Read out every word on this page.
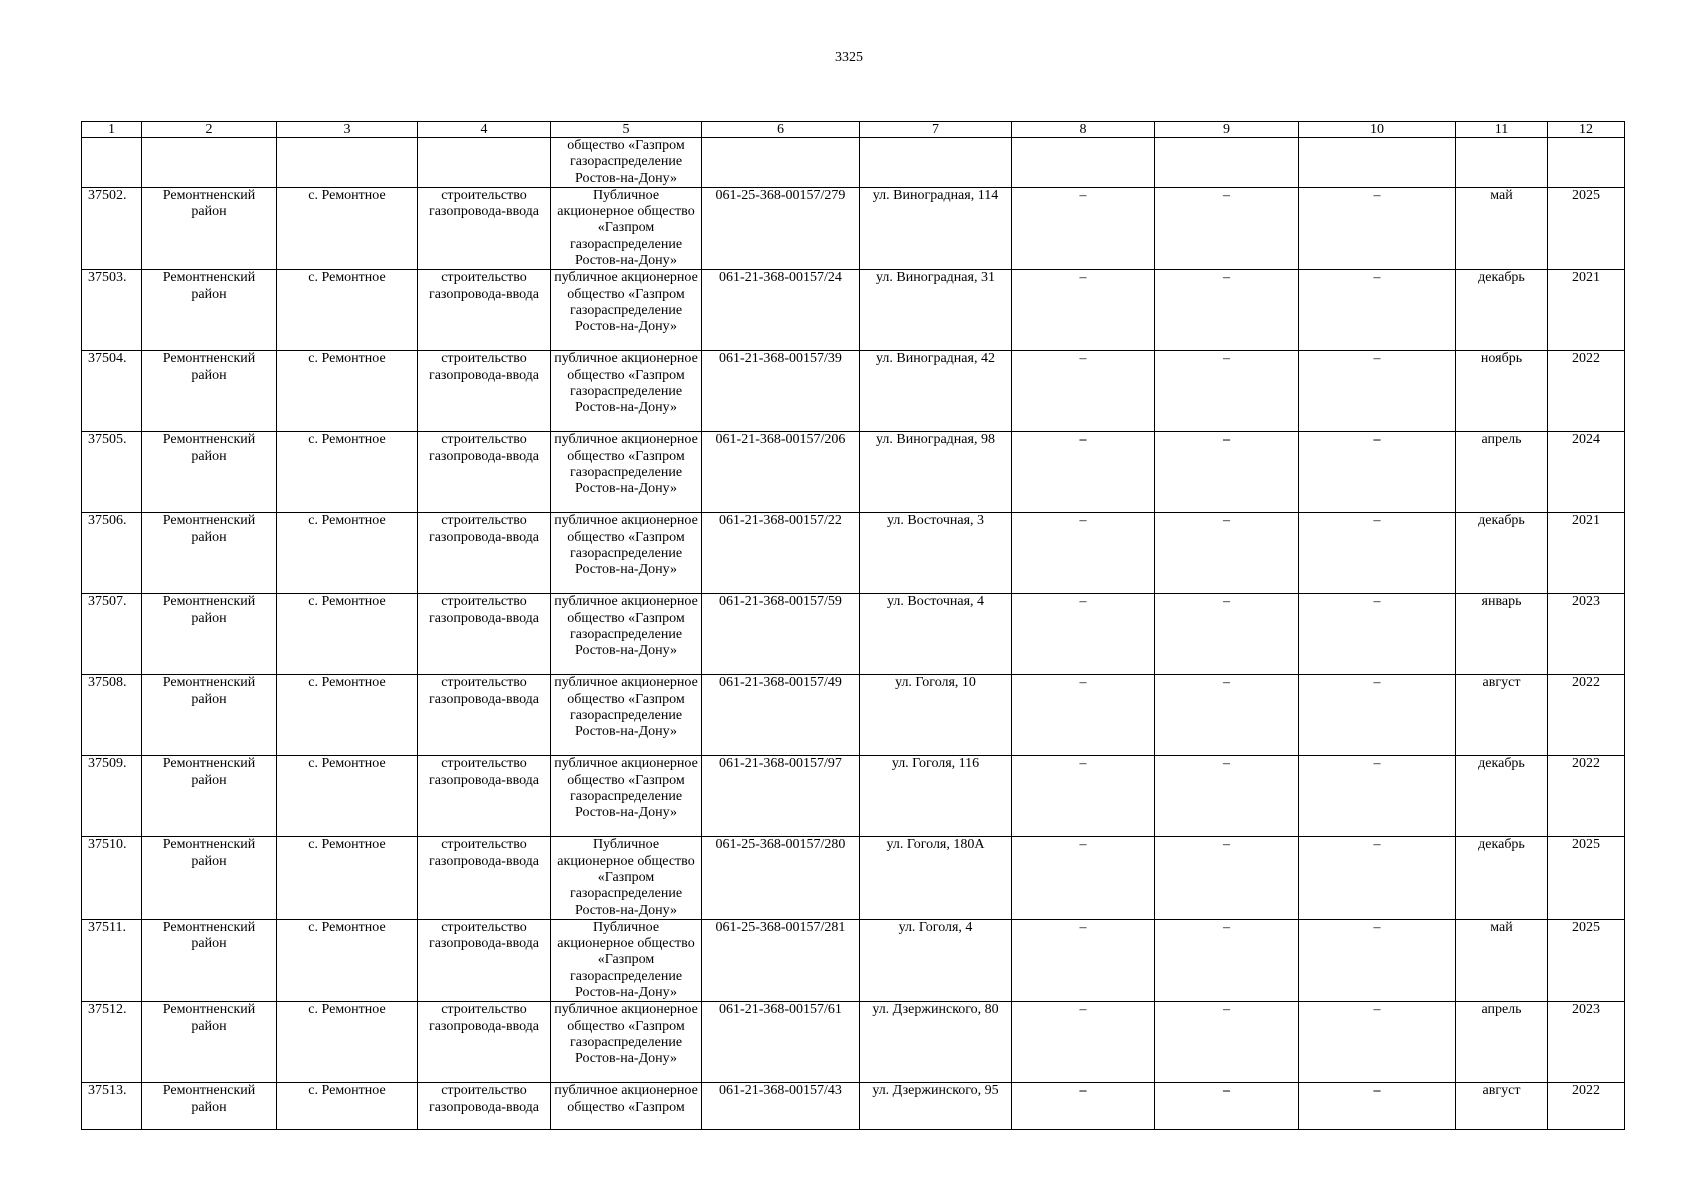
3325
1	2	3	4	5	6	7	8	9	10	11	12
				общество «Газпром газораспределение Ростов-на-Дону»							
37502.	Ремонтненский район	с. Ремонтное	строительство газопровода-ввода	Публичное акционерное общество «Газпром газораспределение Ростов-на-Дону»	061-25-368-00157/279	ул. Виноградная, 114	–	–	–	май	2025
37503.	Ремонтненский район	с. Ремонтное	строительство газопровода-ввода	публичное акционерное общество «Газпром газораспределение Ростов-на-Дону»	061-21-368-00157/24	ул. Виноградная, 31	–	–	–	декабрь	2021
37504.	Ремонтненский район	с. Ремонтное	строительство газопровода-ввода	публичное акционерное общество «Газпром газораспределение Ростов-на-Дону»	061-21-368-00157/39	ул. Виноградная, 42	–	–	–	ноябрь	2022
37505.	Ремонтненский район	с. Ремонтное	строительство газопровода-ввода	публичное акционерное общество «Газпром газораспределение Ростов-на-Дону»	061-21-368-00157/206	ул. Виноградная, 98	–	–	–	апрель	2024
37506.	Ремонтненский район	с. Ремонтное	строительство газопровода-ввода	публичное акционерное общество «Газпром газораспределение Ростов-на-Дону»	061-21-368-00157/22	ул. Восточная, 3	–	–	–	декабрь	2021
37507.	Ремонтненский район	с. Ремонтное	строительство газопровода-ввода	публичное акционерное общество «Газпром газораспределение Ростов-на-Дону»	061-21-368-00157/59	ул. Восточная, 4	–	–	–	январь	2023
37508.	Ремонтненский район	с. Ремонтное	строительство газопровода-ввода	публичное акционерное общество «Газпром газораспределение Ростов-на-Дону»	061-21-368-00157/49	ул. Гоголя, 10	–	–	–	август	2022
37509.	Ремонтненский район	с. Ремонтное	строительство газопровода-ввода	публичное акционерное общество «Газпром газораспределение Ростов-на-Дону»	061-21-368-00157/97	ул. Гоголя, 116	–	–	–	декабрь	2022
37510.	Ремонтненский район	с. Ремонтное	строительство газопровода-ввода	Публичное акционерное общество «Газпром газораспределение Ростов-на-Дону»	061-25-368-00157/280	ул. Гоголя, 180А	–	–	–	декабрь	2025
37511.	Ремонтненский район	с. Ремонтное	строительство газопровода-ввода	Публичное акционерное общество «Газпром газораспределение Ростов-на-Дону»	061-25-368-00157/281	ул. Гоголя, 4	–	–	–	май	2025
37512.	Ремонтненский район	с. Ремонтное	строительство газопровода-ввода	публичное акционерное общество «Газпром газораспределение Ростов-на-Дону»	061-21-368-00157/61	ул. Дзержинского, 80	–	–	–	апрель	2023
37513.	Ремонтненский район	с. Ремонтное	строительство газопровода-ввода	публичное акционерное общество «Газпром	061-21-368-00157/43	ул. Дзержинского, 95	–	–	–	август	2022
